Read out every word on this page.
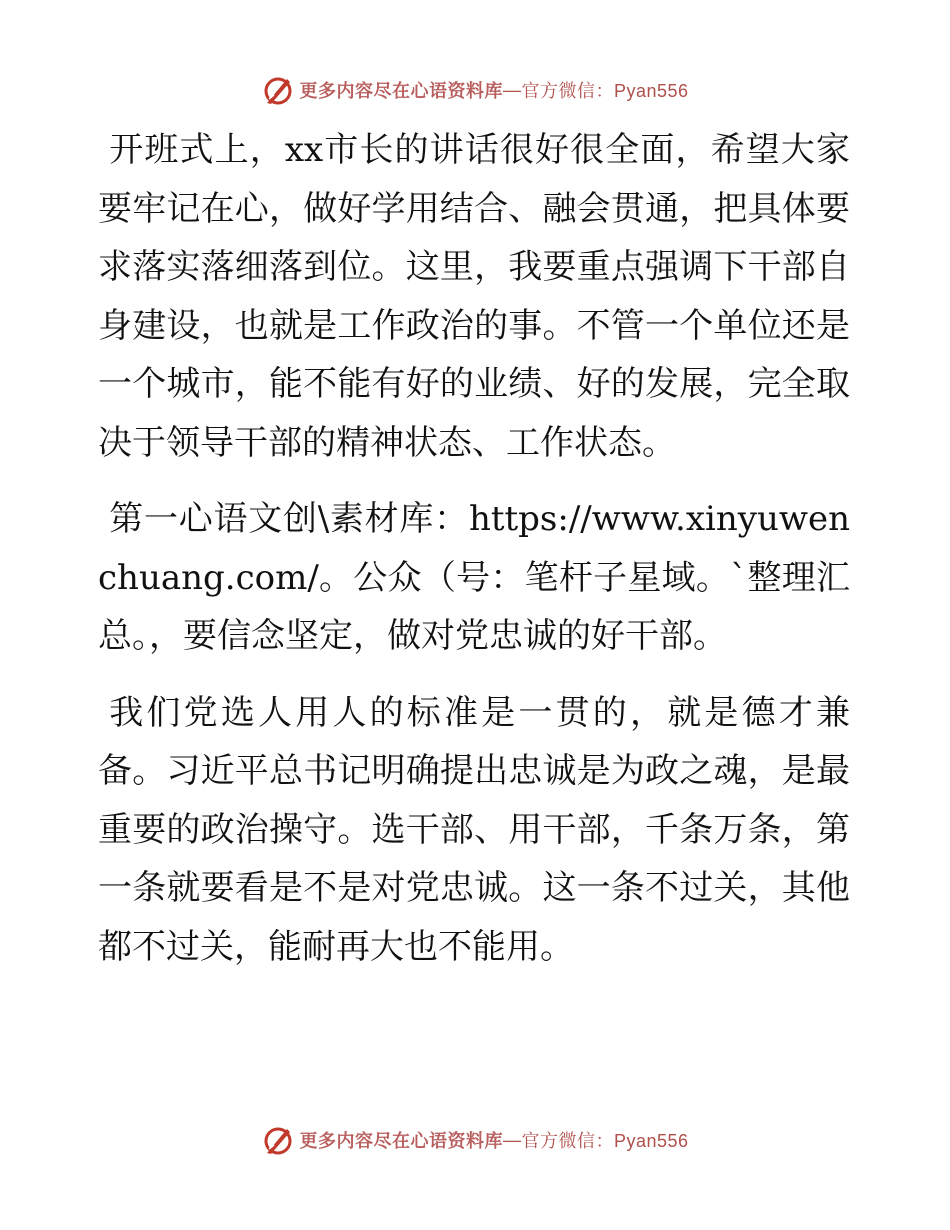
更多内容尽在心语资料库 — 官方微信：Pyan556

开班式上，xx市长的讲话很好很全面，希望大家要牢记在心，做好学用结合、融会贯通，把具体要求落实落细落到位。这里，我要重点强调下干部自身建设，也就是工作政治的事。不管一个单位还是一个城市，能不能有好的业绩、好的发展，完全取决于领导干部的精神状态、工作状态。

第一心语文创\素材库：https://www.xinyuwenchuang.com/。公众（号：笔杆子星域。`整理汇总。，要信念坚定，做对党忠诚的好干部。

我们党选人用人的标准是一贯的，就是德才兼备。习近平总书记明确提出忠诚是为政之魂，是最重要的政治操守。选干部、用干部，千条万条，第一条就要看是不是对党忠诚。这一条不过关，其他都不过关，能耐再大也不能用。

更多内容尽在心语资料库 — 官方微信：Pyan556
